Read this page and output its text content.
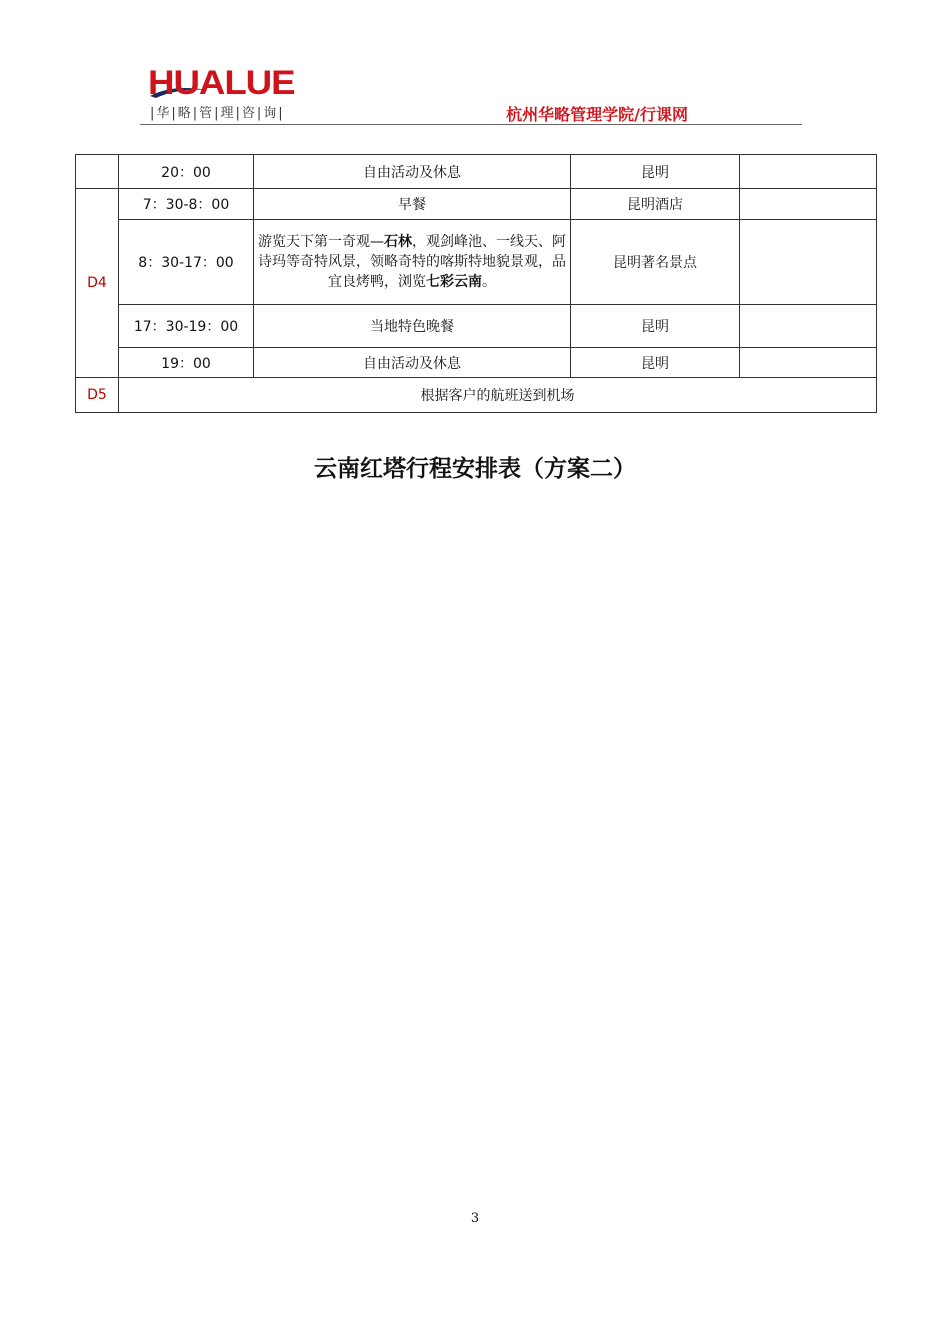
HUALUE
|华|略|管|理|咨|询|	杭州华略管理学院/行课网
	20：00	自由活动及休息	昆明	
D4	7：30-8：00	早餐	昆明酒店	
	8：30-17：00	游览天下第一奇观—石林，观剑峰池、一线天、阿诗玛等奇特风景，领略奇特的喀斯特地貌景观，品宜良烤鸭，浏览七彩云南。	昆明著名景点	
	17：30-19：00	当地特色晚餐	昆明	
	19：00	自由活动及休息	昆明	
D5	根据客户的航班送到机场			
云南红塔行程安排表（方案二）
3
